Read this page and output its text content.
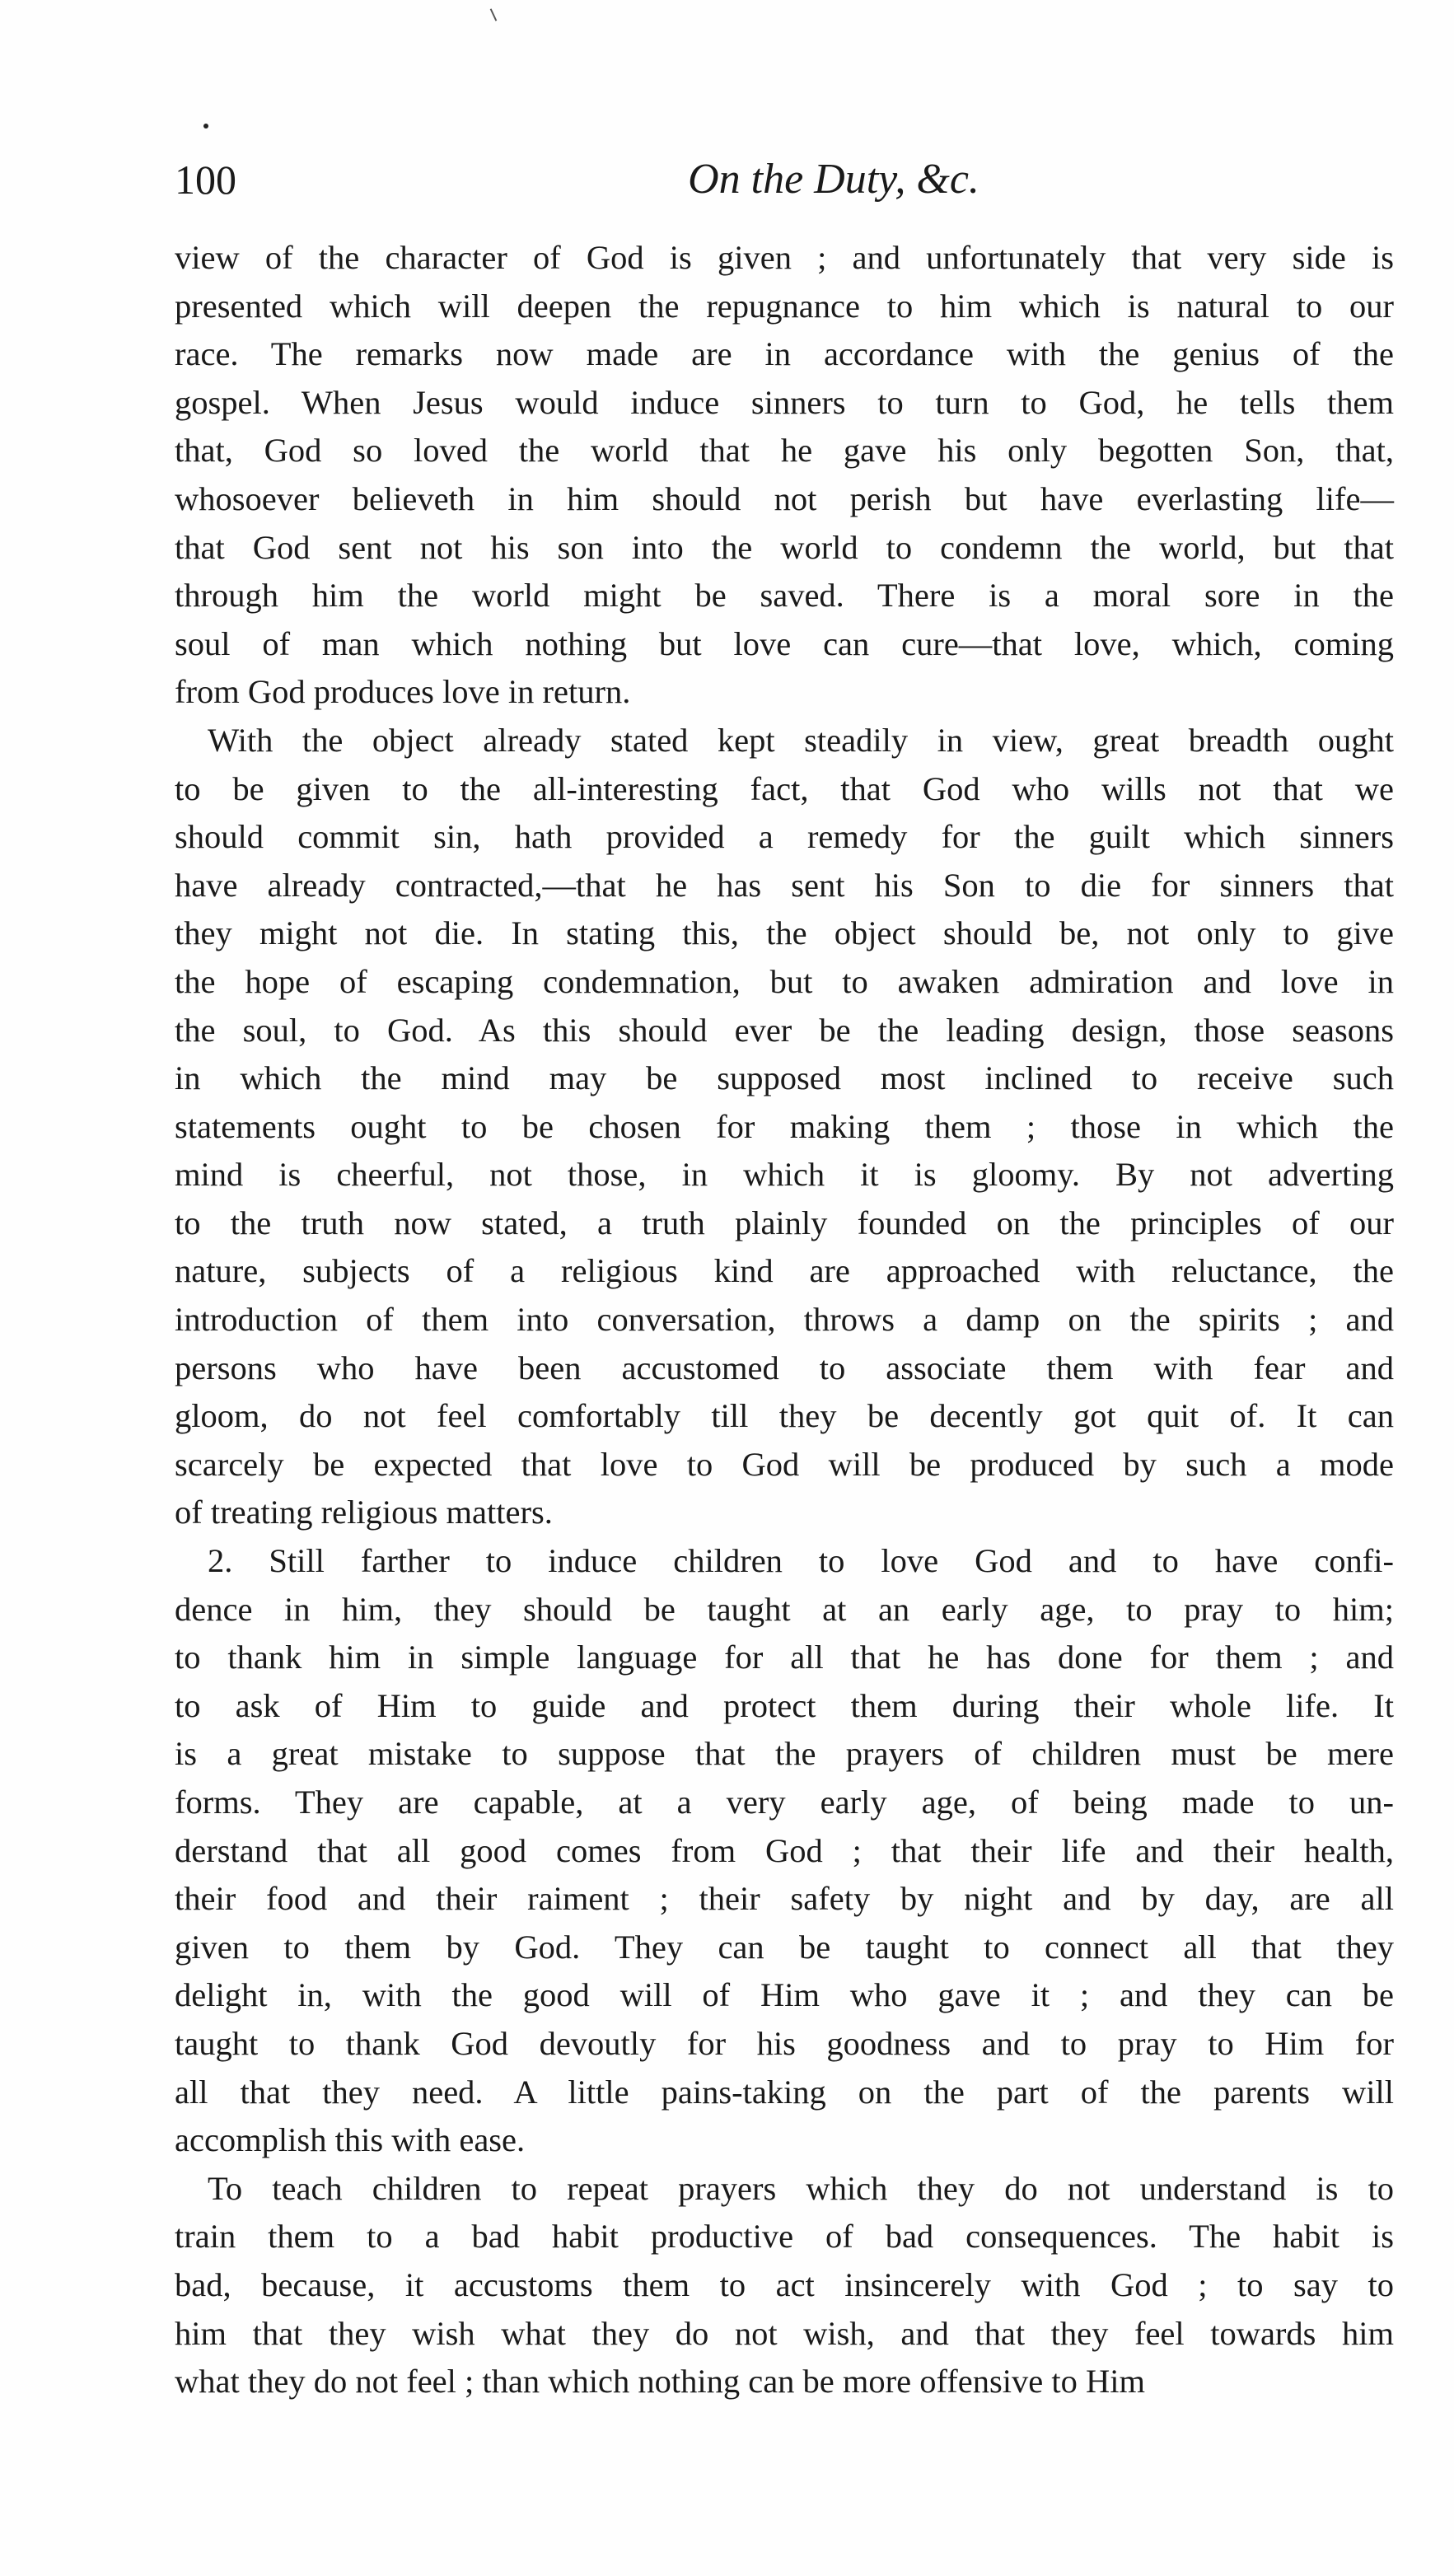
100	On the Duty, &c.
view of the character of God is given ; and unfortunately that very side is
presented which will deepen the repugnance to him which is natural to our
race. The remarks now made are in accordance with the genius of the
gospel. When Jesus would induce sinners to turn to God, he tells them
that, God so loved the world that he gave his only begotten Son, that,
whosoever believeth in him should not perish but have everlasting life—
that God sent not his son into the world to condemn the world, but that
through him the world might be saved. There is a moral sore in the
soul of man which nothing but love can cure—that love, which, coming
from God produces love in return.
With the object already stated kept steadily in view, great breadth ought
to be given to the all-interesting fact, that God who wills not that we
should commit sin, hath provided a remedy for the guilt which sinners
have already contracted,—that he has sent his Son to die for sinners that
they might not die. In stating this, the object should be, not only to give
the hope of escaping condemnation, but to awaken admiration and love in
the soul, to God. As this should ever be the leading design, those seasons
in which the mind may be supposed most inclined to receive such
statements ought to be chosen for making them ; those in which the
mind is cheerful, not those, in which it is gloomy. By not adverting
to the truth now stated, a truth plainly founded on the principles of our
nature, subjects of a religious kind are approached with reluctance, the
introduction of them into conversation, throws a damp on the spirits ; and
persons who have been accustomed to associate them with fear and
gloom, do not feel comfortably till they be decently got quit of. It can
scarcely be expected that love to God will be produced by such a mode
of treating religious matters.
2. Still farther to induce children to love God and to have confi-
dence in him, they should be taught at an early age, to pray to him;
to thank him in simple language for all that he has done for them ; and
to ask of Him to guide and protect them during their whole life. It
is a great mistake to suppose that the prayers of children must be mere
forms. They are capable, at a very early age, of being made to un-
derstand that all good comes from God ; that their life and their health,
their food and their raiment ; their safety by night and by day, are all
given to them by God. They can be taught to connect all that they
delight in, with the good will of Him who gave it ; and they can be
taught to thank God devoutly for his goodness and to pray to Him for
all that they need. A little pains-taking on the part of the parents will
accomplish this with ease.
To teach children to repeat prayers which they do not understand is to
train them to a bad habit productive of bad consequences. The habit is
bad, because, it accustoms them to act insincerely with God ; to say to
him that they wish what they do not wish, and that they feel towards him
what they do not feel ; than which nothing can be more offensive to Him
